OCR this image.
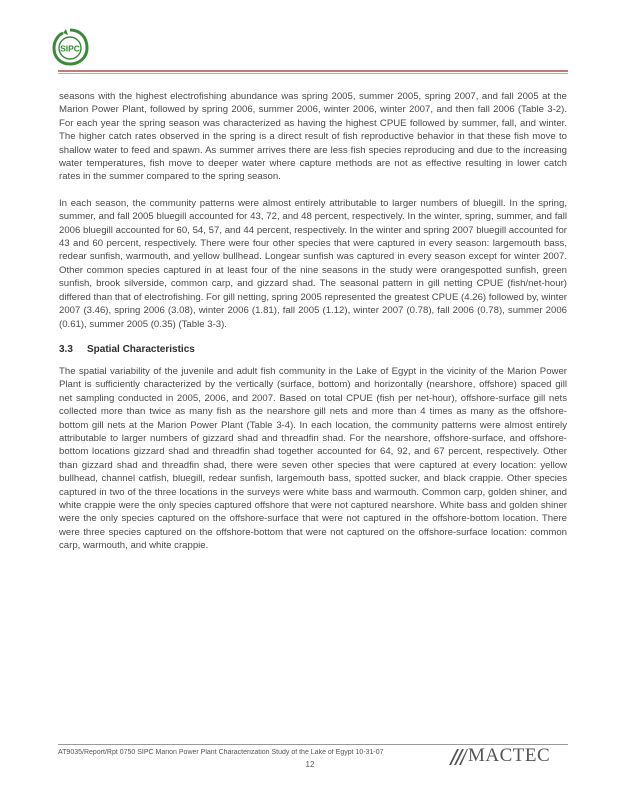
SIPC

seasons with the highest electrofishing abundance was spring 2005, summer 2005, spring 2007, and fall 2005 at the Marion Power Plant, followed by spring 2006, summer 2006, winter 2006, winter 2007, and then fall 2006 (Table 3-2). For each year the spring season was characterized as having the highest CPUE followed by summer, fall, and winter. The higher catch rates observed in the spring is a direct result of fish reproductive behavior in that these fish move to shallow water to feed and spawn. As summer arrives there are less fish species reproducing and due to the increasing water temperatures, fish move to deeper water where capture methods are not as effective resulting in lower catch rates in the summer compared to the spring season.

In each season, the community patterns were almost entirely attributable to larger numbers of bluegill. In the spring, summer, and fall 2005 bluegill accounted for 43, 72, and 48 percent, respectively. In the winter, spring, summer, and fall 2006 bluegill accounted for 60, 54, 57, and 44 percent, respectively. In the winter and spring 2007 bluegill accounted for 43 and 60 percent, respectively. There were four other species that were captured in every season: largemouth bass, redear sunfish, warmouth, and yellow bullhead. Longear sunfish was captured in every season except for winter 2007. Other common species captured in at least four of the nine seasons in the study were orangespotted sunfish, green sunfish, brook silverside, common carp, and gizzard shad. The seasonal pattern in gill netting CPUE (fish/net-hour) differed than that of electrofishing. For gill netting, spring 2005 represented the greatest CPUE (4.26) followed by, winter 2007 (3.46), spring 2006 (3.08), winter 2006 (1.81), fall 2005 (1.12), winter 2007 (0.78), fall 2006 (0.78), summer 2006 (0.61), summer 2005 (0.35) (Table 3-3).

3.3 Spatial Characteristics

The spatial variability of the juvenile and adult fish community in the Lake of Egypt in the vicinity of the Marion Power Plant is sufficiently characterized by the vertically (surface, bottom) and horizontally (nearshore, offshore) spaced gill net sampling conducted in 2005, 2006, and 2007. Based on total CPUE (fish per net-hour), offshore-surface gill nets collected more than twice as many fish as the nearshore gill nets and more than 4 times as many as the offshore-bottom gill nets at the Marion Power Plant (Table 3-4). In each location, the community patterns were almost entirely attributable to larger numbers of gizzard shad and threadfin shad. For the nearshore, offshore-surface, and offshore-bottom locations gizzard shad and threadfin shad together accounted for 64, 92, and 67 percent, respectively. Other than gizzard shad and threadfin shad, there were seven other species that were captured at every location: yellow bullhead, channel catfish, bluegill, redear sunfish, largemouth bass, spotted sucker, and black crappie. Other species captured in two of the three locations in the surveys were white bass and warmouth. Common carp, golden shiner, and white crappie were the only species captured offshore that were not captured nearshore. White bass and golden shiner were the only species captured on the offshore-surface that were not captured in the offshore-bottom location. There were three species captured on the offshore-bottom that were not captured on the offshore-surface location: common carp, warmouth, and white crappie.

AT9035/Report/Rpt 0750 SIPC Marion Power Plant Characterization Study of the Lake of Egypt 10-31-07
12	MACTEC
